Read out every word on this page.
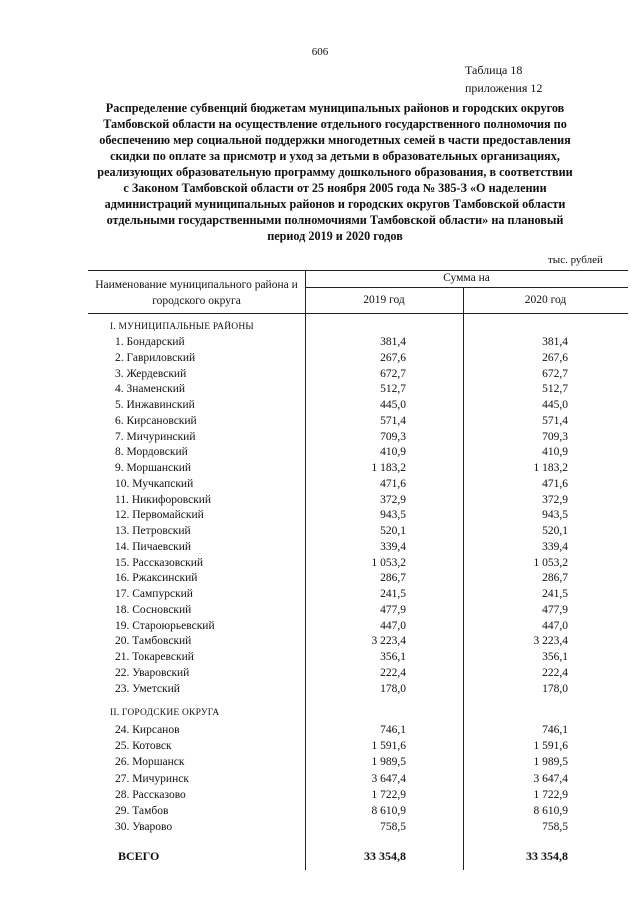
606
Таблица 18
приложения 12
Распределение субвенций бюджетам муниципальных районов и городских округов Тамбовской области на осуществление отдельного государственного полномочия по обеспечению мер социальной поддержки многодетных семей в части предоставления скидки по оплате за присмотр и уход за детьми в образовательных организациях, реализующих образовательную программу дошкольного образования, в соответствии с Законом Тамбовской области от 25 ноября 2005 года № 385-З «О наделении администраций муниципальных районов и городских округов Тамбовской области отдельными государственными полномочиями Тамбовской области» на плановый период 2019 и 2020 годов
тыс. рублей
Наименование муниципального района и городского округа
Сумма на
2019 год	2020 год
I. МУНИЦИПАЛЬНЫЕ РАЙОНЫ
1. Бондарский	381,4	381,4
2. Гавриловский	267,6	267,6
3. Жердевский	672,7	672,7
4. Знаменский	512,7	512,7
5. Инжавинский	445,0	445,0
6. Кирсановский	571,4	571,4
7. Мичуринский	709,3	709,3
8. Мордовский	410,9	410,9
9. Моршанский	1 183,2	1 183,2
10. Мучкапский	471,6	471,6
11. Никифоровский	372,9	372,9
12. Первомайский	943,5	943,5
13. Петровский	520,1	520,1
14. Пичаевский	339,4	339,4
15. Рассказовский	1 053,2	1 053,2
16. Ржаксинский	286,7	286,7
17. Сампурский	241,5	241,5
18. Сосновский	477,9	477,9
19. Староюрьевский	447,0	447,0
20. Тамбовский	3 223,4	3 223,4
21. Токаревский	356,1	356,1
22. Уваровский	222,4	222,4
23. Уметский	178,0	178,0
II. ГОРОДСКИЕ ОКРУГА
24. Кирсанов	746,1	746,1
25. Котовск	1 591,6	1 591,6
26. Моршанск	1 989,5	1 989,5
27. Мичуринск	3 647,4	3 647,4
28. Рассказово	1 722,9	1 722,9
29. Тамбов	8 610,9	8 610,9
30. Уварово	758,5	758,5
ВСЕГО	33 354,8	33 354,8
